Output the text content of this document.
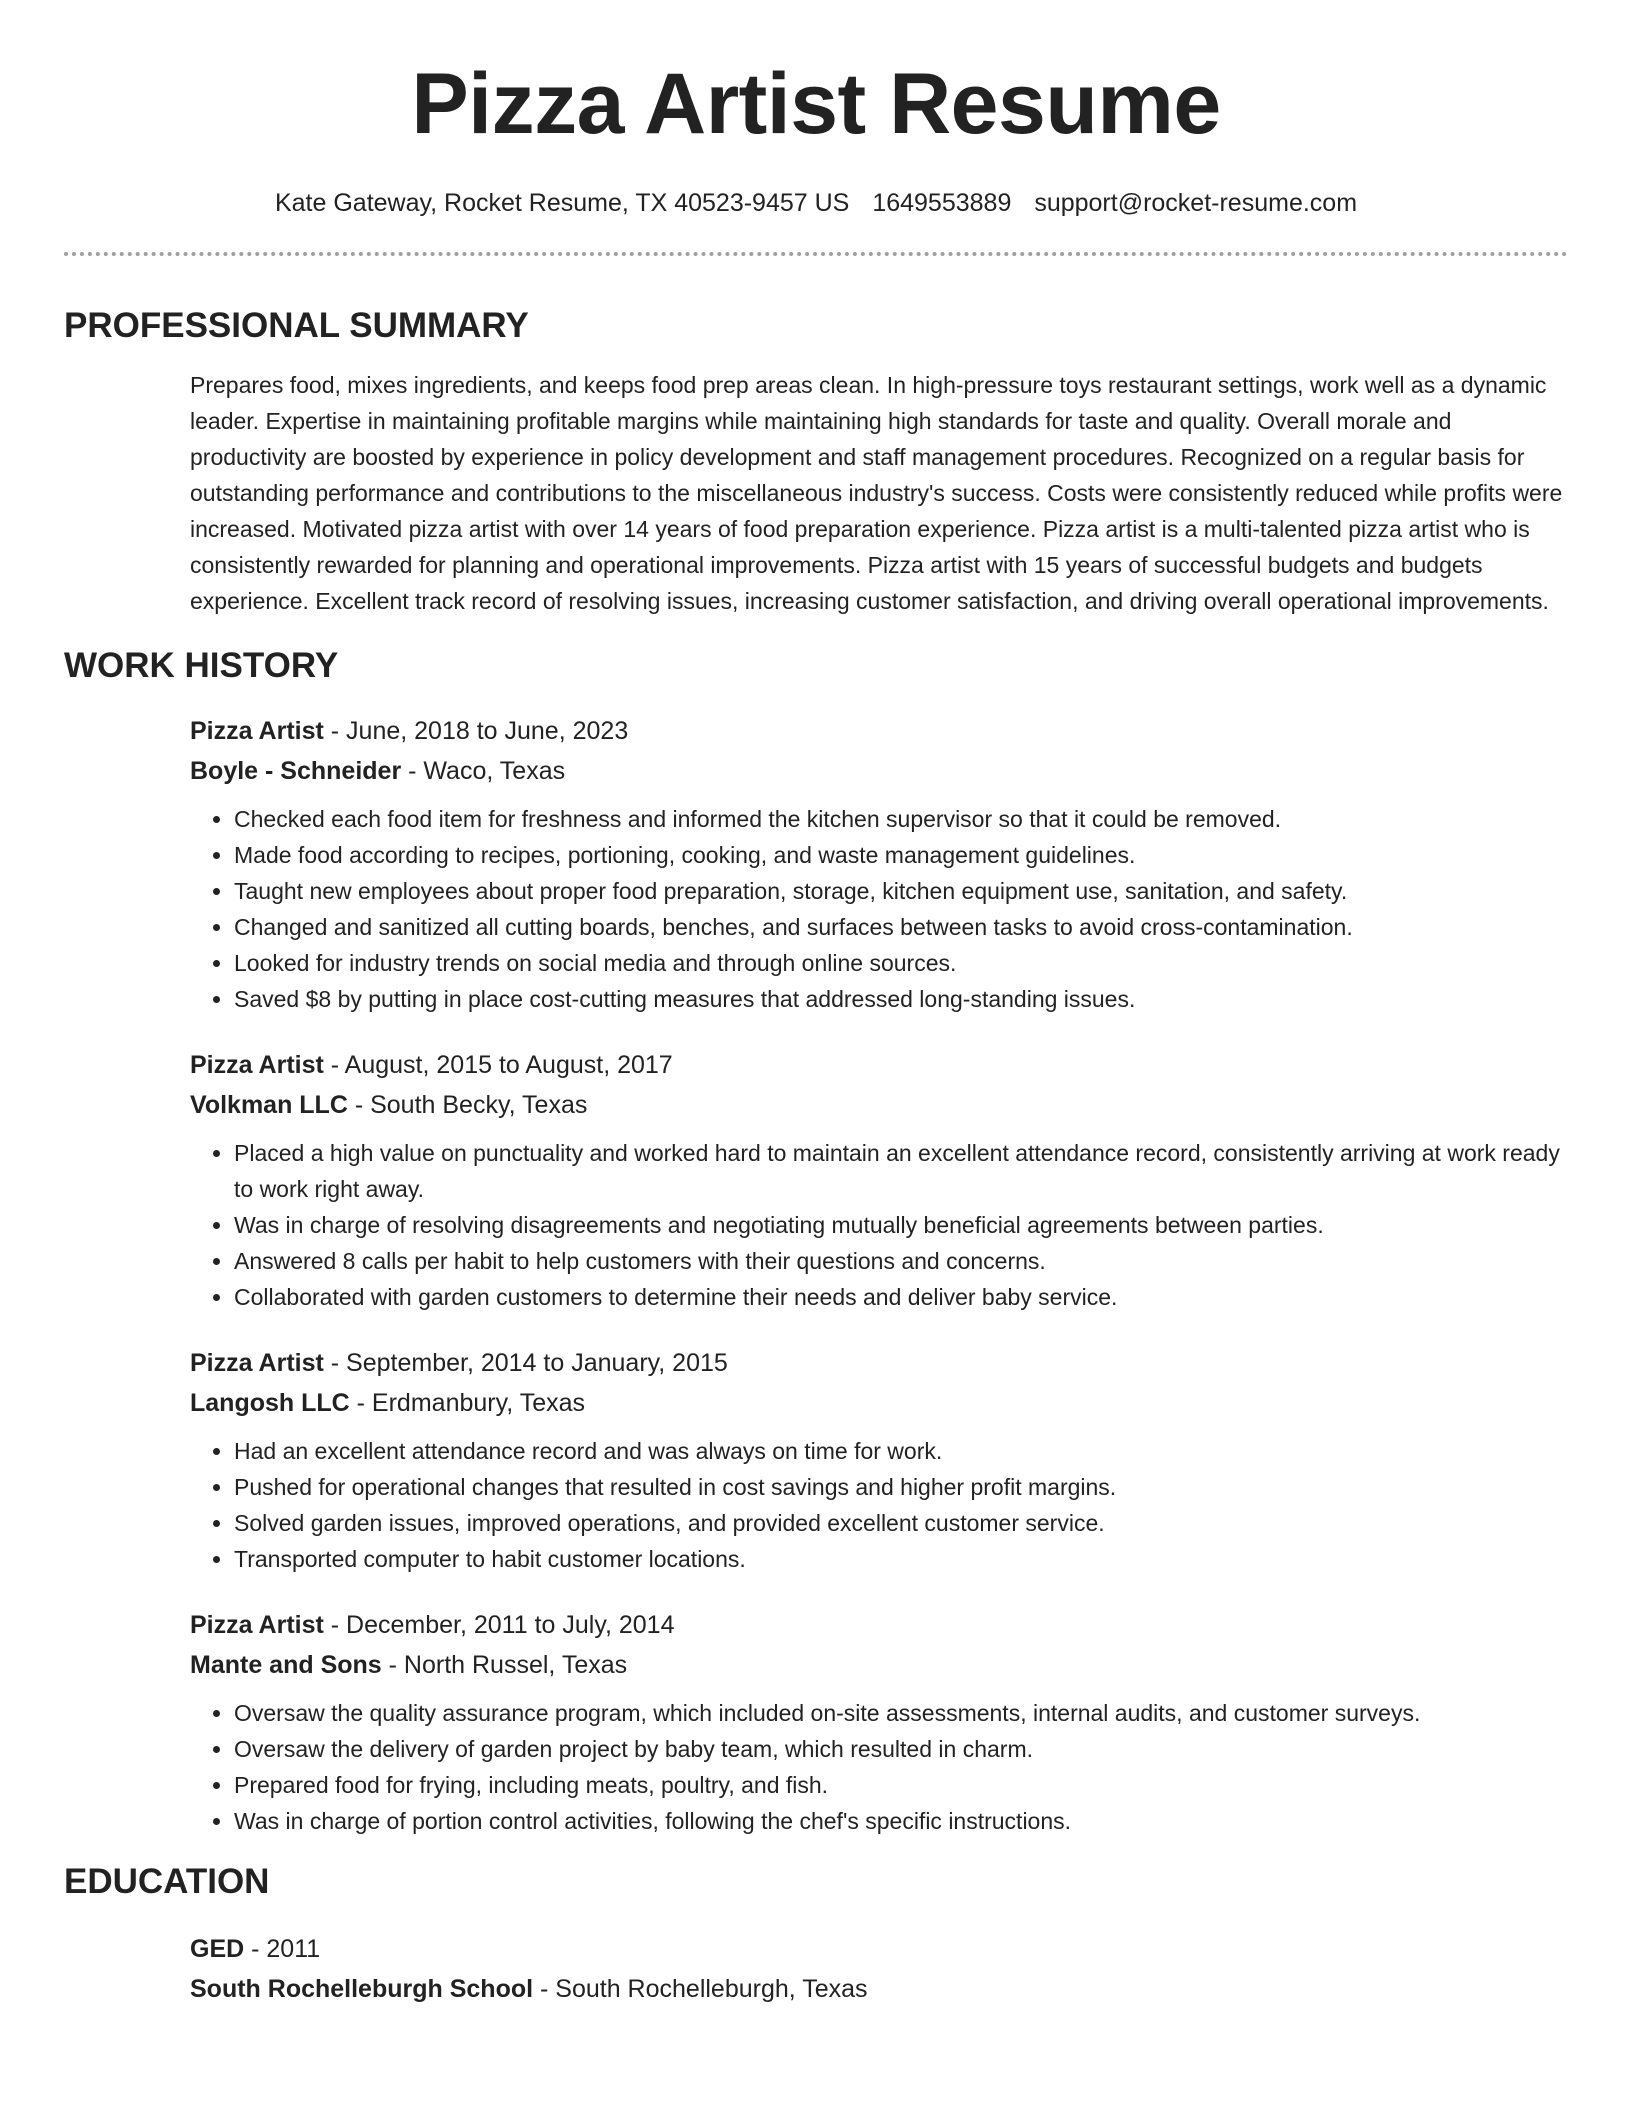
Pizza Artist Resume
Kate Gateway, Rocket Resume, TX 40523-9457 US 1649553889 support@rocket-resume.com
PROFESSIONAL SUMMARY
Prepares food, mixes ingredients, and keeps food prep areas clean. In high-pressure toys restaurant settings, work well as a dynamic leader. Expertise in maintaining profitable margins while maintaining high standards for taste and quality. Overall morale and productivity are boosted by experience in policy development and staff management procedures. Recognized on a regular basis for outstanding performance and contributions to the miscellaneous industry's success. Costs were consistently reduced while profits were increased. Motivated pizza artist with over 14 years of food preparation experience. Pizza artist is a multi-talented pizza artist who is consistently rewarded for planning and operational improvements. Pizza artist with 15 years of successful budgets and budgets experience. Excellent track record of resolving issues, increasing customer satisfaction, and driving overall operational improvements.
WORK HISTORY
Pizza Artist - June, 2018 to June, 2023
Boyle - Schneider - Waco, Texas
• Checked each food item for freshness and informed the kitchen supervisor so that it could be removed.
• Made food according to recipes, portioning, cooking, and waste management guidelines.
• Taught new employees about proper food preparation, storage, kitchen equipment use, sanitation, and safety.
• Changed and sanitized all cutting boards, benches, and surfaces between tasks to avoid cross-contamination.
• Looked for industry trends on social media and through online sources.
• Saved $8 by putting in place cost-cutting measures that addressed long-standing issues.
Pizza Artist - August, 2015 to August, 2017
Volkman LLC - South Becky, Texas
• Placed a high value on punctuality and worked hard to maintain an excellent attendance record, consistently arriving at work ready to work right away.
• Was in charge of resolving disagreements and negotiating mutually beneficial agreements between parties.
• Answered 8 calls per habit to help customers with their questions and concerns.
• Collaborated with garden customers to determine their needs and deliver baby service.
Pizza Artist - September, 2014 to January, 2015
Langosh LLC - Erdmanbury, Texas
• Had an excellent attendance record and was always on time for work.
• Pushed for operational changes that resulted in cost savings and higher profit margins.
• Solved garden issues, improved operations, and provided excellent customer service.
• Transported computer to habit customer locations.
Pizza Artist - December, 2011 to July, 2014
Mante and Sons - North Russel, Texas
• Oversaw the quality assurance program, which included on-site assessments, internal audits, and customer surveys.
• Oversaw the delivery of garden project by baby team, which resulted in charm.
• Prepared food for frying, including meats, poultry, and fish.
• Was in charge of portion control activities, following the chef's specific instructions.
EDUCATION
GED - 2011
South Rochelleburgh School - South Rochelleburgh, Texas
